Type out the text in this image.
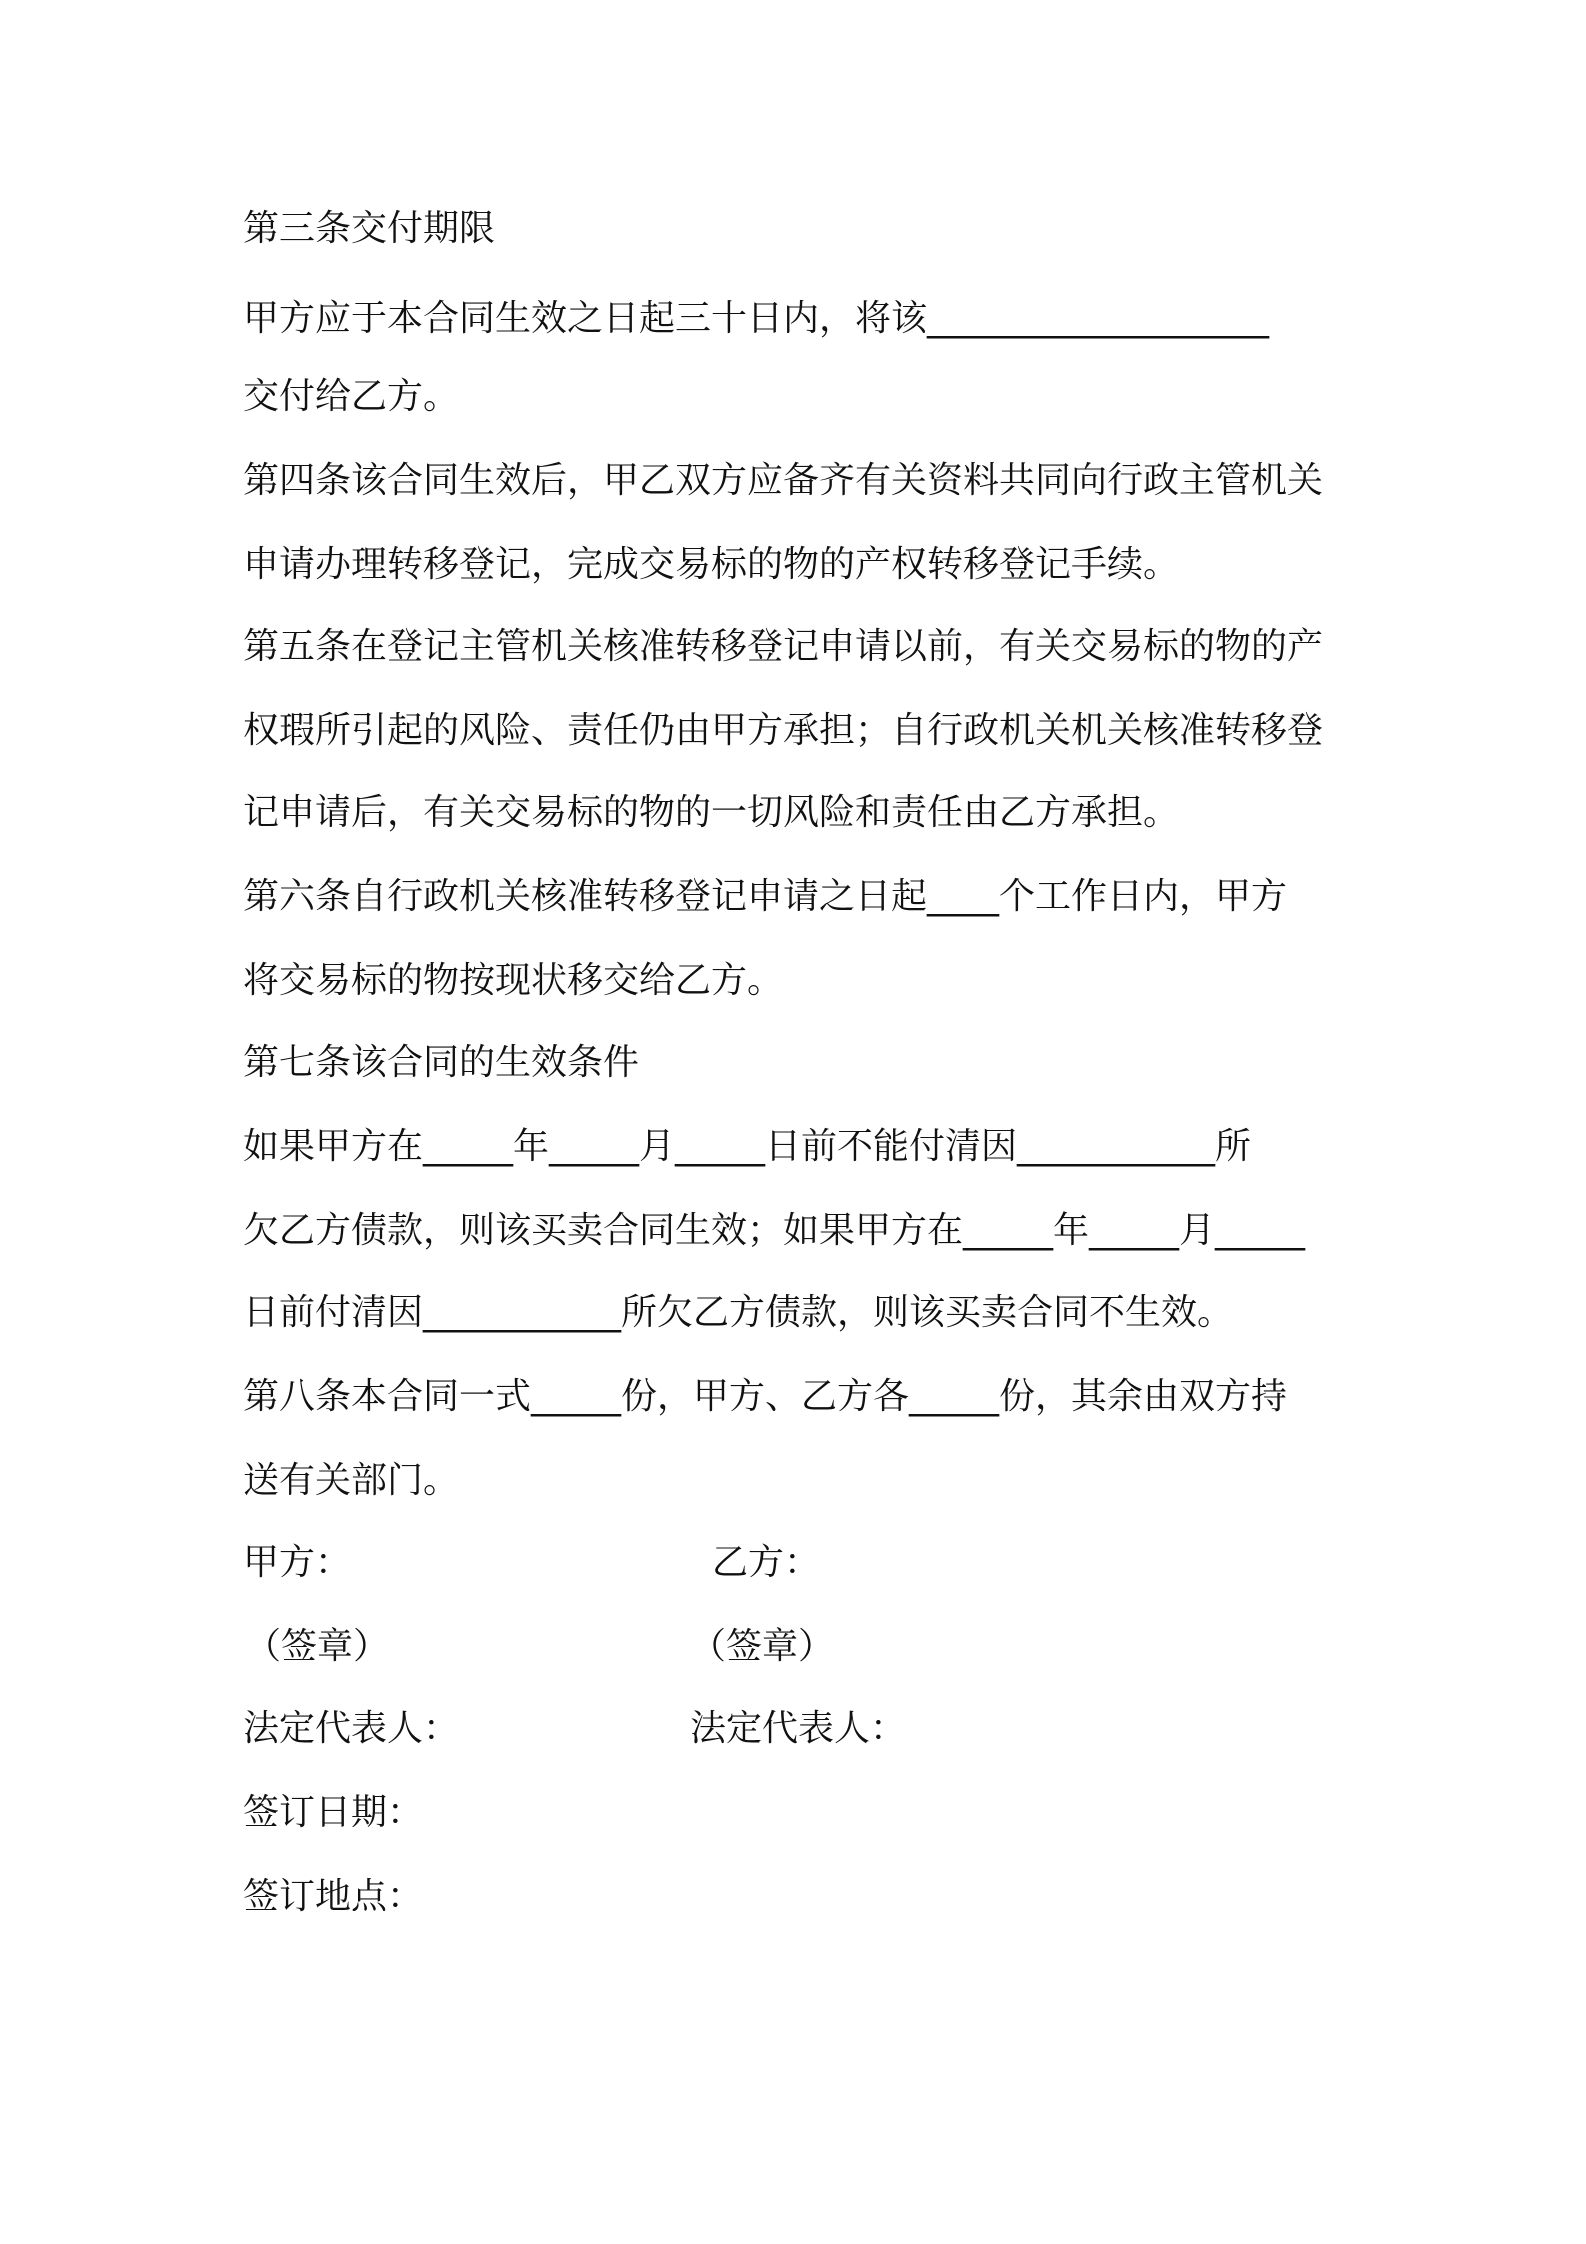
第三条交付期限
甲方应于本合同生效之日起三十日内，将该___________________
交付给乙方。
第四条该合同生效后，甲乙双方应备齐有关资料共同向行政主管机关
申请办理转移登记，完成交易标的物的产权转移登记手续。
第五条在登记主管机关核准转移登记申请以前，有关交易标的物的产
权瑕所引起的风险、责任仍由甲方承担；自行政机关机关核准转移登
记申请后，有关交易标的物的一切风险和责任由乙方承担。
第六条自行政机关核准转移登记申请之日起____个工作日内，甲方
将交易标的物按现状移交给乙方。
第七条该合同的生效条件
如果甲方在_____年_____月_____日前不能付清因___________所
欠乙方债款，则该买卖合同生效；如果甲方在_____年_____月_____
日前付清因___________所欠乙方债款，则该买卖合同不生效。
第八条本合同一式_____份，甲方、乙方各_____份，其余由双方持
送有关部门。
甲方：	乙方：
（签章）	（签章）
法定代表人：	法定代表人：
签订日期：
签订地点：
